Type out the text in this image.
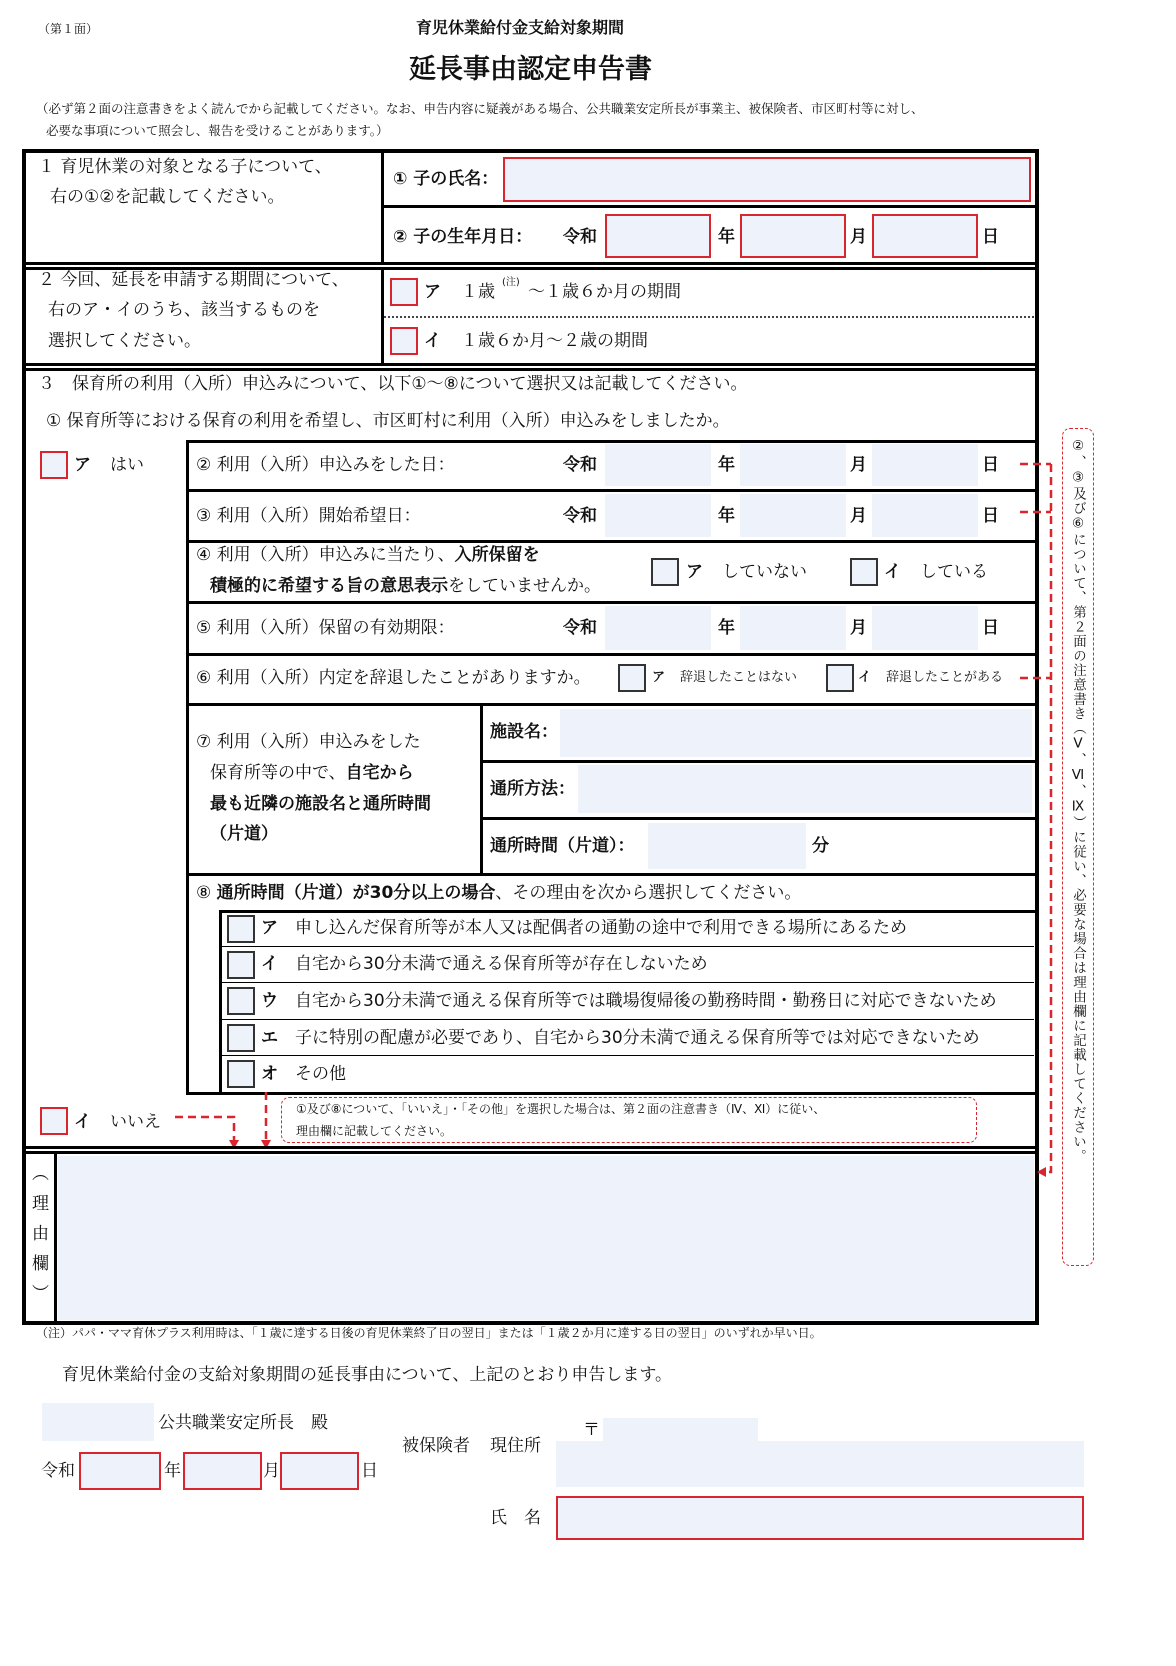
（第１面）	育児休業給付金支給対象期間
延長事由認定申告書
（必ず第２面の注意書きをよく読んでから記載してください。なお、申告内容に疑義がある場合、公共職業安定所長が事業主、被保険者、市区町村等に対し、
必要な事項について照会し、報告を受けることがあります。）
１ 育児休業の対象となる子について、
右の①②を記載してください。
① 子の氏名：
② 子の生年月日： 令和	年	月	日
２ 今回、延長を申請する期間について、
右のア・イのうち、該当するものを
選択してください。
ア １歳 (注) ～１歳６か月の期間
イ １歳６か月～２歳の期間
３　保育所の利用（入所）申込みについて、以下①～⑧について選択又は記載してください。
① 保育所等における保育の利用を希望し、市区町村に利用（入所）申込みをしましたか。
ア はい	② 利用（入所）申込みをした日：	令和	年	月	日
③ 利用（入所）開始希望日：	令和	年	月	日
④ 利用（入所）申込みに当たり、入所保留を
積極的に希望する旨の意思表示をしていませんか。
ア していない	イ している
⑤ 利用（入所）保留の有効期限：	令和	年	月	日
⑥ 利用（入所）内定を辞退したことがありますか。	ア 辞退したことはない	イ 辞退したことがある
⑦ 利用（入所）申込みをした
保育所等の中で、自宅から
最も近隣の施設名と通所時間
（片道）
施設名：
通所方法：
通所時間（片道）：	分
⑧ 通所時間（片道）が30分以上の場合、その理由を次から選択してください。
ア 申し込んだ保育所等が本人又は配偶者の通勤の途中で利用できる場所にあるため
イ 自宅から30分未満で通える保育所等が存在しないため
ウ 自宅から30分未満で通える保育所等では職場復帰後の勤務時間・勤務日に対応できないため
エ 子に特別の配慮が必要であり、自宅から30分未満で通える保育所等では対応できないため
オ その他
イ いいえ
①及び⑧について、「いいえ」・「その他」を選択した場合は、第２面の注意書き（Ⅳ、Ⅺ）に従い、
理由欄に記載してください。
︵
理
由
欄
︶
②、③及び⑥について、第２面の注意書き（Ⅴ、Ⅵ、Ⅸ）に従い、必要な場合は理由欄に記載してください。
（注）パパ・ママ育休プラス利用時は、「１歳に達する日後の育児休業終了日の翌日」または「１歳２か月に達する日の翌日」のいずれか早い日。
育児休業給付金の支給対象期間の延長事由について、上記のとおり申告します。
公共職業安定所長　殿
令和	年	月	日
被保険者 現住所
〒
氏　名
